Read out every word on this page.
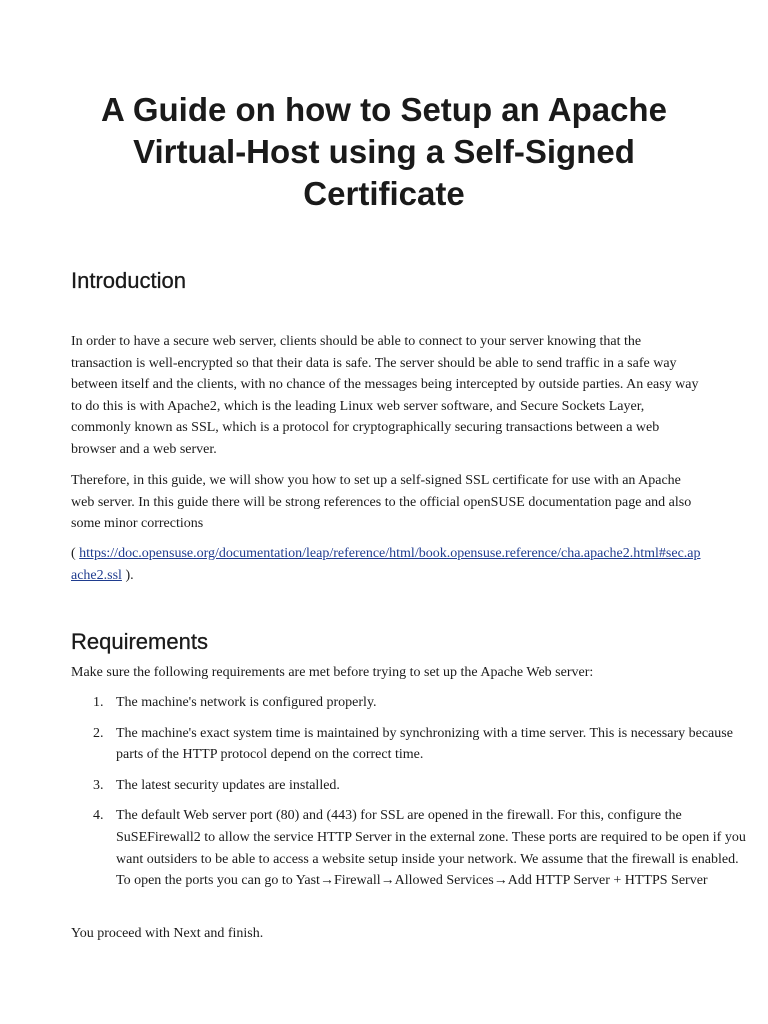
A Guide on how to Setup an Apache Virtual-Host using a Self-Signed Certificate
Introduction

In order to have a secure web server, clients should be able to connect to your server knowing that the transaction is well-encrypted so that their data is safe. The server should be able to send traffic in a safe way between itself and the clients, with no chance of the messages being intercepted by outside parties. An easy way to do this is with Apache2, which is the leading Linux web server software, and Secure Sockets Layer, commonly known as SSL, which is a protocol for cryptographically securing transactions between a web browser and a web server.

Therefore, in this guide, we will show you how to set up a self-signed SSL certificate for use with an Apache web server. In this guide there will be strong references to the official openSUSE documentation page and also some minor corrections

( https://doc.opensuse.org/documentation/leap/reference/html/book.opensuse.reference/cha.apache2.html#sec.apache2.ssl ).

Requirements

Make sure the following requirements are met before trying to set up the Apache Web server:

The machine's network is configured properly.
The machine's exact system time is maintained by synchronizing with a time server. This is necessary because parts of the HTTP protocol depend on the correct time.
The latest security updates are installed.
The default Web server port (80) and (443) for SSL are opened in the firewall. For this, configure the SuSEFirewall2 to allow the service HTTP Server in the external zone. These ports are required to be open if you want outsiders to be able to access a website setup inside your network. We assume that the firewall is enabled. To open the ports you can go to Yast→Firewall→Allowed Services→Add HTTP Server + HTTPS Server

You proceed with Next and finish.
